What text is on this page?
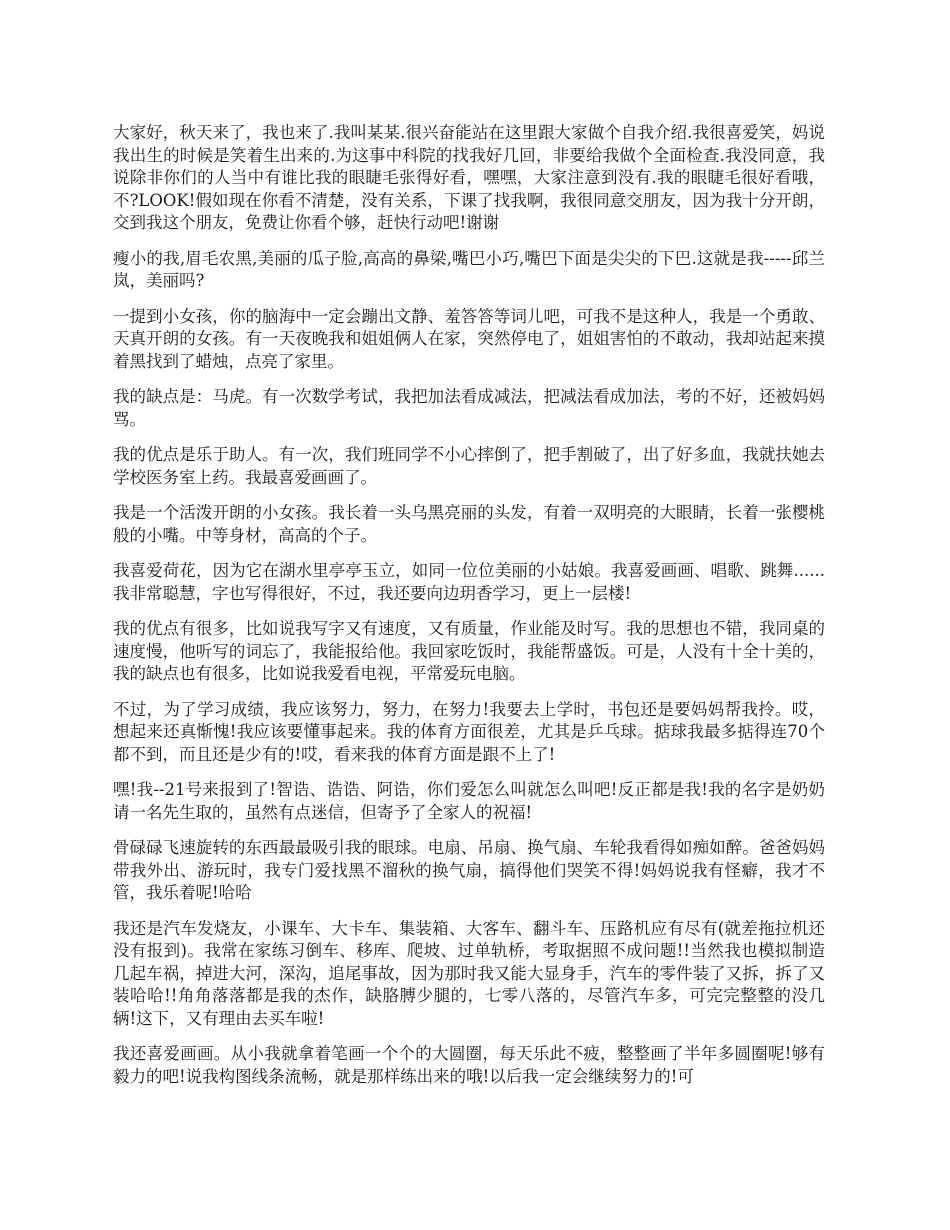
大家好，秋天来了，我也来了.我叫某某.很兴奋能站在这里跟大家做个自我介绍.我很喜爱笑，妈说我出生的时候是笑着生出来的.为这事中科院的找我好几回，非要给我做个全面检查.我没同意，我说除非你们的人当中有谁比我的眼睫毛张得好看，嘿嘿，大家注意到没有.我的眼睫毛很好看哦，不?LOOK!假如现在你看不清楚，没有关系，下课了找我啊，我很同意交朋友，因为我十分开朗，交到我这个朋友，免费让你看个够，赶快行动吧!谢谢

瘦小的我,眉毛农黑,美丽的瓜子脸,高高的鼻梁,嘴巴小巧,嘴巴下面是尖尖的下巴.这就是我-----邱兰岚，美丽吗?

一提到小女孩，你的脑海中一定会蹦出文静、羞答答等词儿吧，可我不是这种人，我是一个勇敢、天真开朗的女孩。有一天夜晚我和姐姐俩人在家，突然停电了，姐姐害怕的不敢动，我却站起来摸着黑找到了蜡烛，点亮了家里。

我的缺点是：马虎。有一次数学考试，我把加法看成减法，把减法看成加法，考的不好，还被妈妈骂。

我的优点是乐于助人。有一次，我们班同学不小心摔倒了，把手割破了，出了好多血，我就扶她去学校医务室上药。我最喜爱画画了。

我是一个活泼开朗的小女孩。我长着一头乌黑亮丽的头发，有着一双明亮的大眼睛，长着一张樱桃般的小嘴。中等身材，高高的个子。

我喜爱荷花，因为它在湖水里亭亭玉立，如同一位位美丽的小姑娘。我喜爱画画、唱歌、跳舞......我非常聪慧，字也写得很好，不过，我还要向边玥香学习，更上一层楼!

我的优点有很多，比如说我写字又有速度，又有质量，作业能及时写。我的思想也不错，我同桌的速度慢，他听写的词忘了，我能报给他。我回家吃饭时，我能帮盛饭。可是，人没有十全十美的，我的缺点也有很多，比如说我爱看电视，平常爱玩电脑。

不过，为了学习成绩，我应该努力，努力，在努力!我要去上学时，书包还是要妈妈帮我拎。哎，想起来还真惭愧!我应该要懂事起来。我的体育方面很差，尤其是乒乓球。掂球我最多掂得连70个都不到，而且还是少有的!哎，看来我的体育方面是跟不上了!

嘿!我--21号来报到了!智诰、诰诰、阿诰，你们爱怎么叫就怎么叫吧!反正都是我!我的名字是奶奶请一名先生取的，虽然有点迷信，但寄予了全家人的祝福!

骨碌碌飞速旋转的东西最最吸引我的眼球。电扇、吊扇、换气扇、车轮我看得如痴如醉。爸爸妈妈带我外出、游玩时，我专门爱找黑不溜秋的换气扇，搞得他们哭笑不得!妈妈说我有怪癖，我才不管，我乐着呢!哈哈

我还是汽车发烧友，小课车、大卡车、集装箱、大客车、翻斗车、压路机应有尽有(就差拖拉机还没有报到)。我常在家练习倒车、移库、爬坡、过单轨桥，考取据照不成问题!!当然我也模拟制造几起车祸，掉进大河，深沟，追尾事故，因为那时我又能大显身手，汽车的零件装了又拆，拆了又装哈哈!!角角落落都是我的杰作，缺胳膊少腿的，七零八落的，尽管汽车多，可完完整整的没几辆!这下，又有理由去买车啦!

我还喜爱画画。从小我就拿着笔画一个个的大圆圈，每天乐此不疲，整整画了半年多圆圈呢!够有毅力的吧!说我构图线条流畅，就是那样练出来的哦!以后我一定会继续努力的!可
